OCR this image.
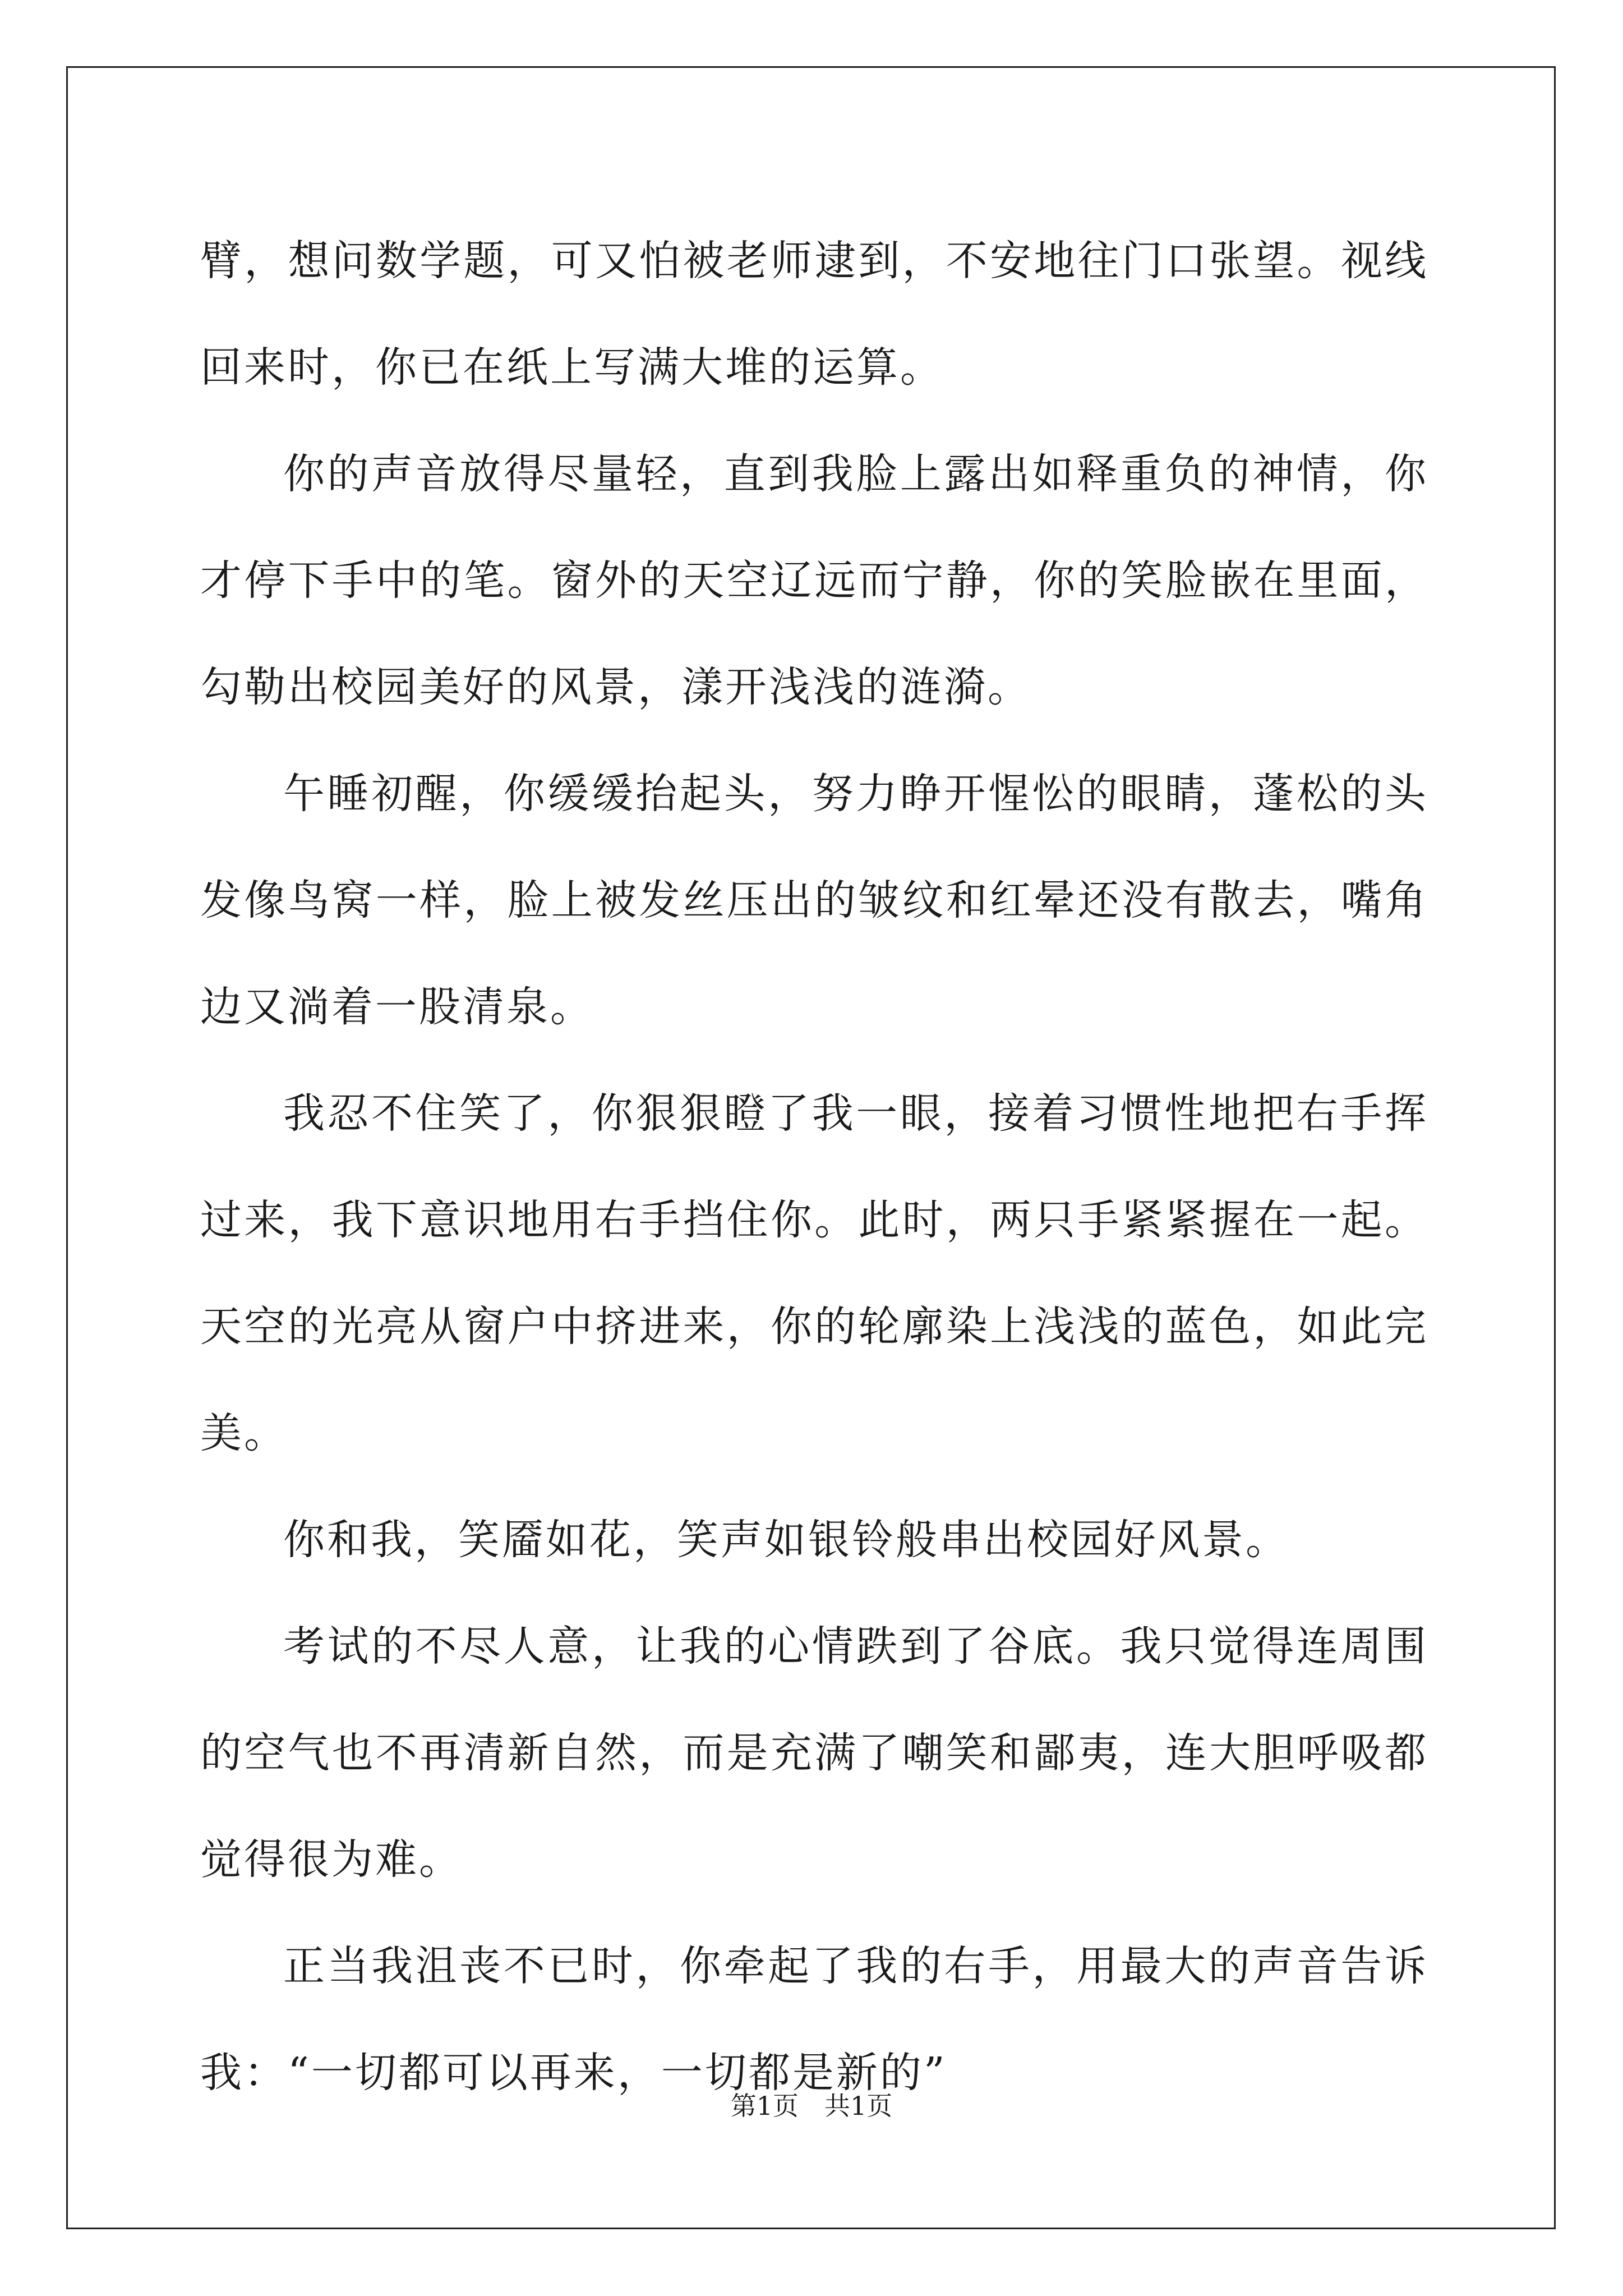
臂，想问数学题，可又怕被老师逮到，不安地往门口张望。视线回来时，你已在纸上写满大堆的运算。

你的声音放得尽量轻，直到我脸上露出如释重负的神情，你才停下手中的笔。窗外的天空辽远而宁静，你的笑脸嵌在里面，勾勒出校园美好的风景，漾开浅浅的涟漪。

午睡初醒，你缓缓抬起头，努力睁开惺忪的眼睛，蓬松的头发像鸟窝一样，脸上被发丝压出的皱纹和红晕还没有散去，嘴角边又淌着一股清泉。

我忍不住笑了，你狠狠瞪了我一眼，接着习惯性地把右手挥过来，我下意识地用右手挡住你。此时，两只手紧紧握在一起。天空的光亮从窗户中挤进来，你的轮廓染上浅浅的蓝色，如此完美。

你和我，笑靥如花，笑声如银铃般串出校园好风景。

考试的不尽人意，让我的心情跌到了谷底。我只觉得连周围的空气也不再清新自然，而是充满了嘲笑和鄙夷，连大胆呼吸都觉得很为难。

正当我沮丧不已时，你牵起了我的右手，用最大的声音告诉我：“一切都可以再来，一切都是新的”

第1页　共1页
